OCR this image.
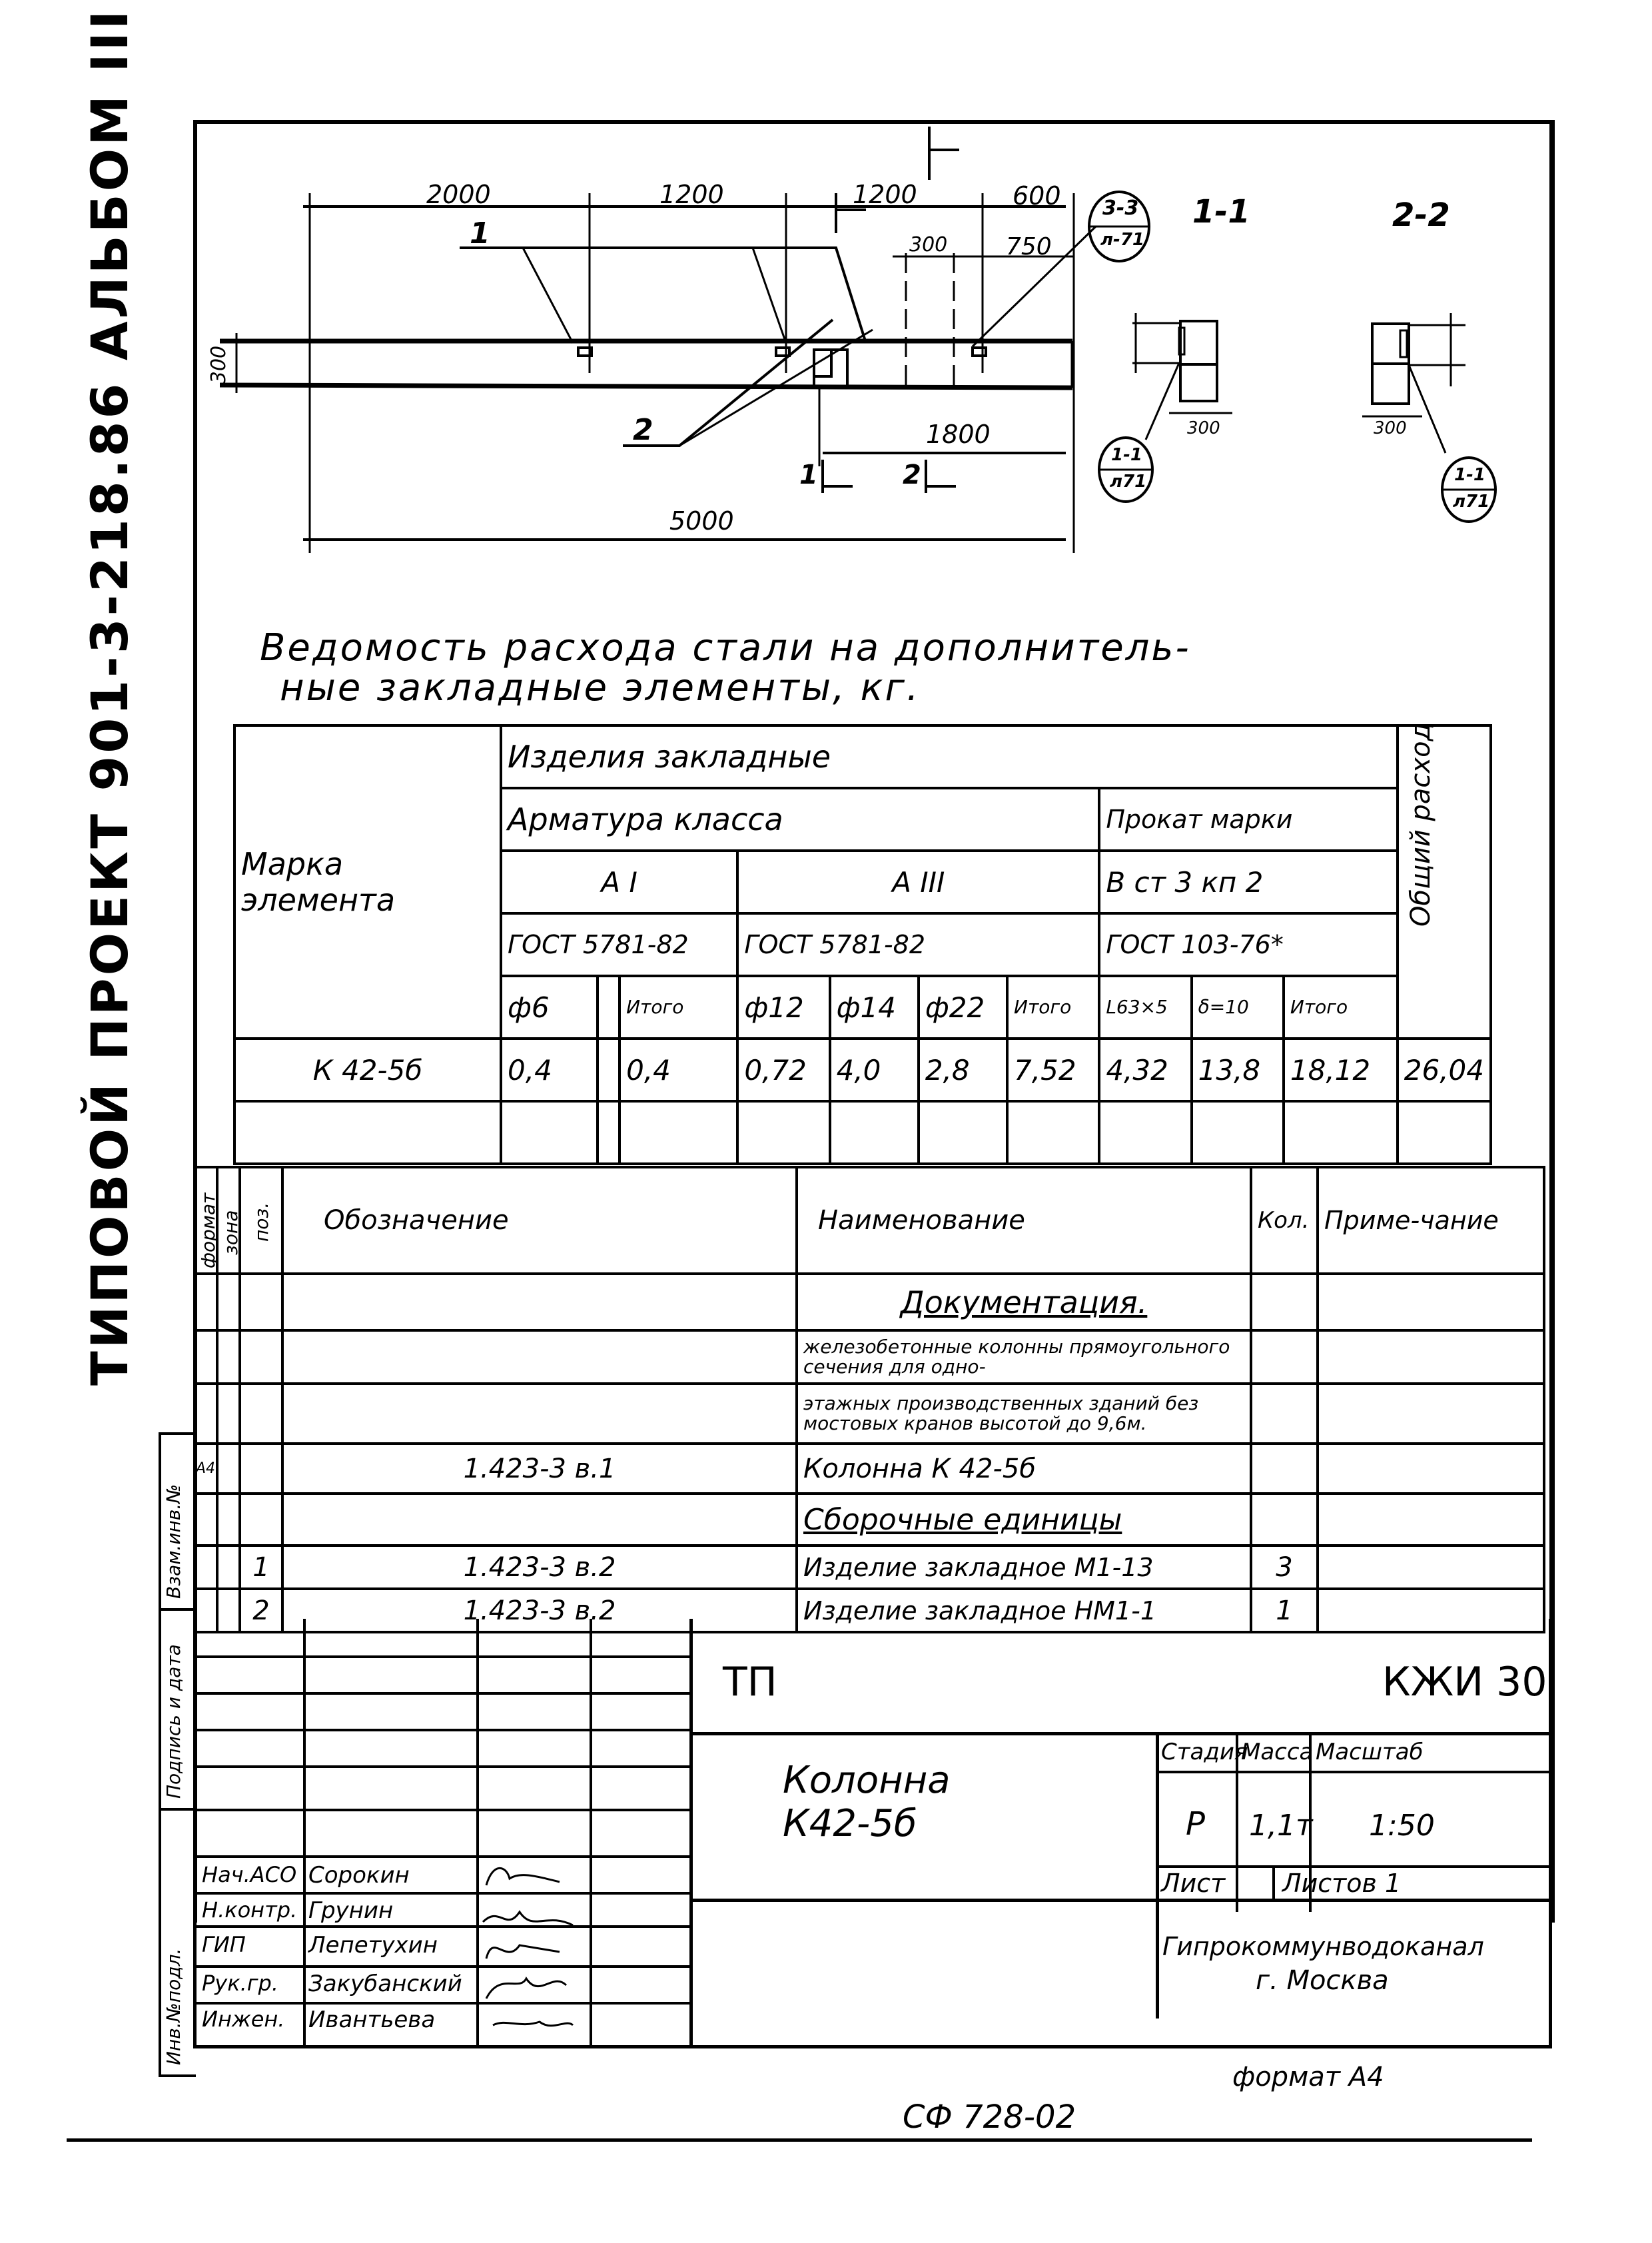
ТИПОВОЙ ПРОЕКТ 901-3-218.86 АЛЬБОМ III	2000	1200	1200	600
300 750
300
1800
5000
1
2
1	2
3-3
л-71
1-1	2-2
300	300
1-1
л71	1-1
л71
Ведомость расхода стали на дополнитель-
ные закладные элементы, кг.
Марка элемента	Изделия закладные										Общий расход

	Арматура класса							Прокат марки			
	А I			А III				В ст 3 кп 2			
	ГОСТ 5781-82			ГОСТ 5781-82				ГОСТ 103-76*			
	ф6		Итого	ф12	ф14	ф22	Итого	L63×5	δ=10	Итого	
К 42-5б	0,4		0,4	0,72	4,0	2,8	7,52	4,32	13,8	18,12	26,04

формат	зона	поз.	Обозначение	Наименование	Кол.	Приме-чание
				Документация.		
				железобетонные колонны прямоугольного сечения для одно-		
				этажных производственных зданий без мостовых кранов высотой до 9,6м.		
А4			1.423-3 в.1	Колонна К 42-5б		
				Сборочные единицы		
		1	1.423-3 в.2	Изделие закладное М1-13	3	
		2	1.423-3 в.2	Изделие закладное НМ1-1	1	
Взам.инв.№
Подпись и дата
Инв.№подл.
Нач.АСО Сорокин
Н.контр. Грунин
ГИП	Лепетухин
Рук.гр. Закубанский
Инжен. Ивантьева
ТП	КЖИ 30
Колонна
К42-5б
Стадия
Масса Масштаб
Р 1,1т 1:50
Лист Листов 1
Гипрокоммунводоканал
г. Москва
формат А4
СФ 728-02
